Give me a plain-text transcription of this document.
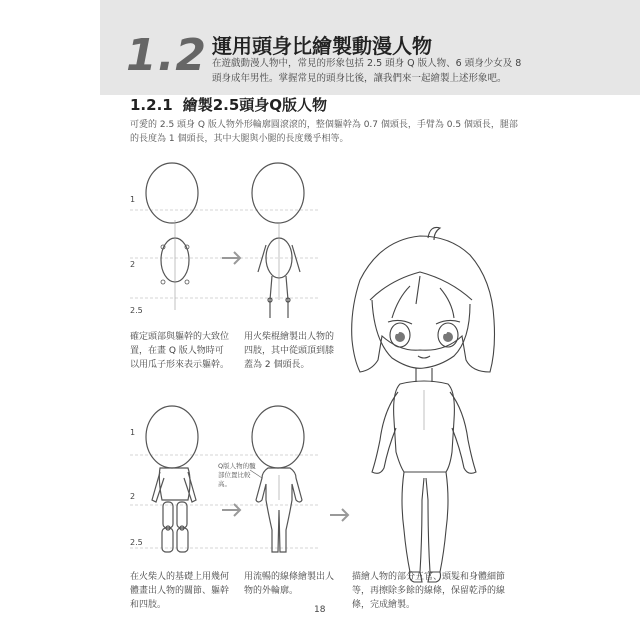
1.2 運用頭身比繪製動漫人物
在遊戲動漫人物中，常見的形象包括 2.5 頭身 Q 版人物、6 頭身少女及 8 頭身成年男性。掌握常見的頭身比後，讓我們來一起繪製上述形象吧。
1.2.1 繪製2.5頭身Q版人物
可愛的 2.5 頭身 Q 版人物外形輪廓圓滾滾的，整個軀幹為 0.7 個頭長，手臂為 0.5 個頭長，腿部的長度為 1 個頭長，其中大腿與小腿的長度幾乎相等。
1
2
2.5
1
2
2.5
Q版人物的髖部位置比較高。
確定頭部與軀幹的大致位置，在畫 Q 版人物時可以用瓜子形來表示軀幹。
用火柴棍繪製出人物的四肢，其中從頭頂到膝蓋為 2 個頭長。
在火柴人的基礎上用幾何體畫出人物的關節、軀幹和四肢。
用流暢的線條繪製出人物的外輪廓。
描繪人物的部分五官、頭髮和身體細節等，再擦除多餘的線條，保留乾淨的線條，完成繪製。
18
